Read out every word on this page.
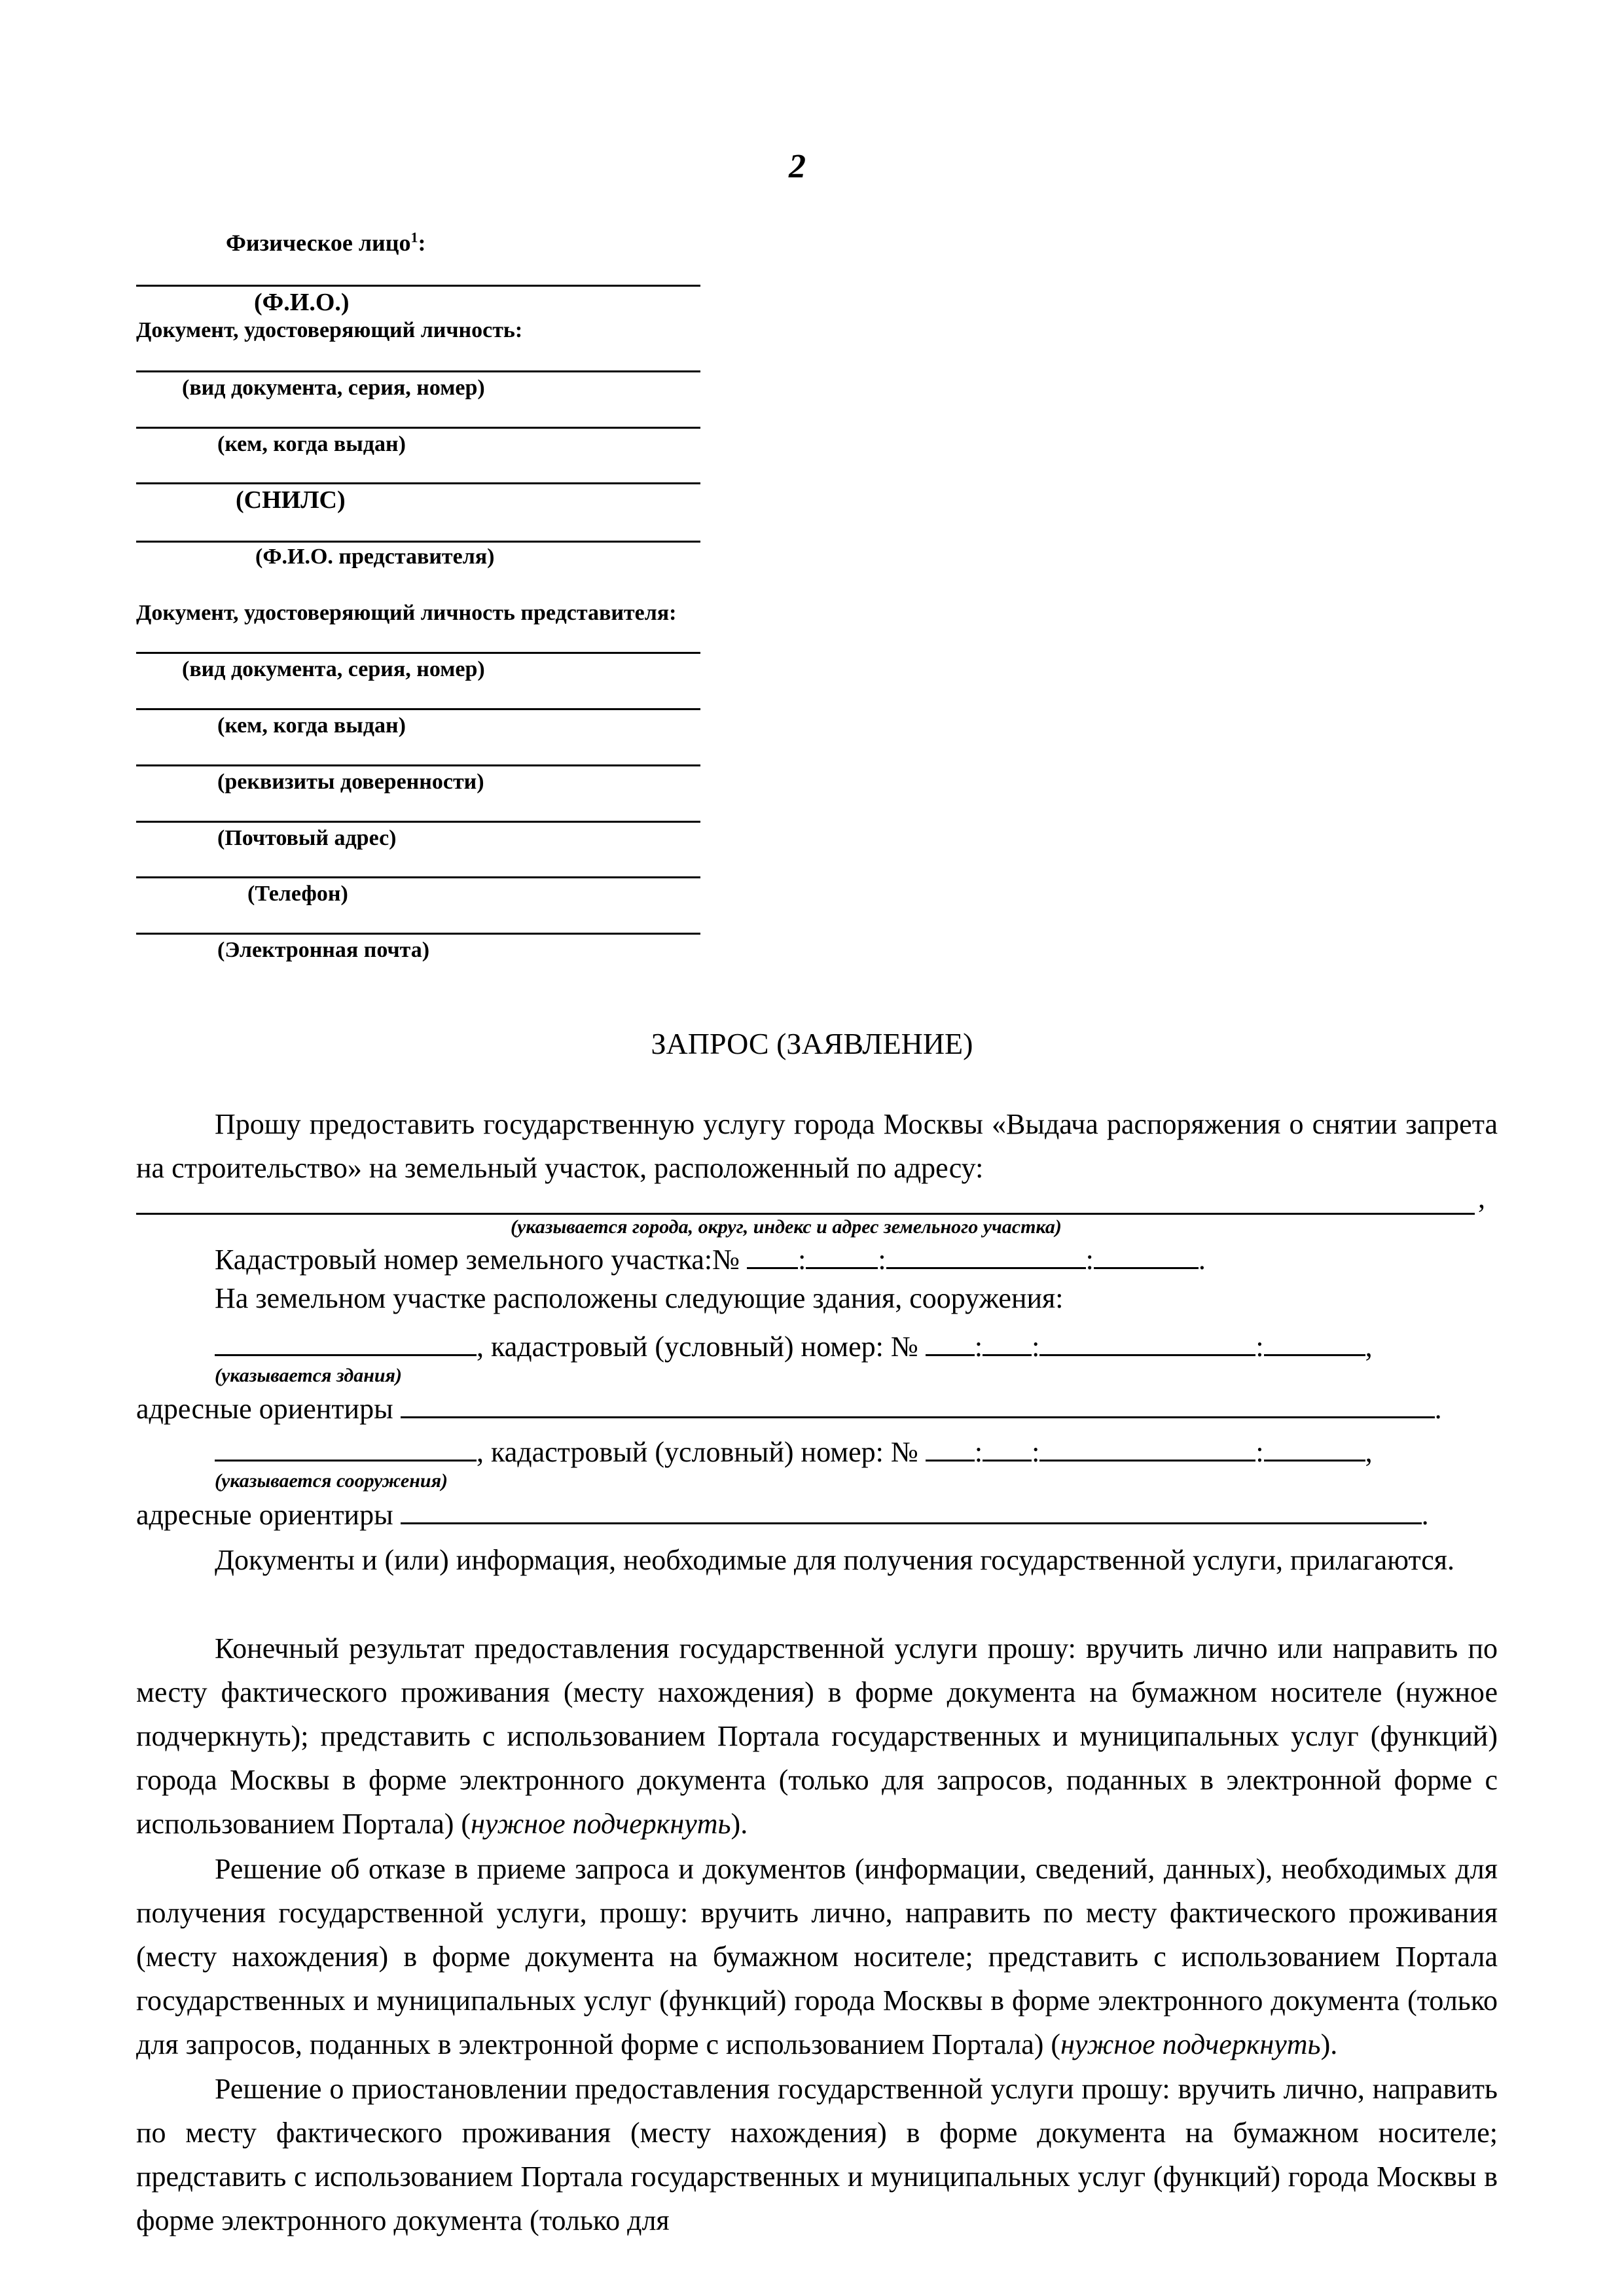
2
Физическое лицо$^1$:
(Ф.И.О.)
Документ, удостоверяющий личность:
(вид документа, серия, номер)
(кем, когда выдан)
(СНИЛС)
(Ф.И.О. представителя)
Документ, удостоверяющий личность представителя:
(вид документа, серия, номер)
(кем, когда выдан)
(реквизиты доверенности)
(Почтовый адрес)
(Телефон)
(Электронная почта)
ЗАПРОС (ЗАЯВЛЕНИЕ)
Прошу предоставить государственную услугу города Москвы «Выдача распоряжения о снятии запрета на строительство» на земельный участок, расположенный по адресу:
,
(указывается города, округ, индекс и адрес земельного участка)
Кадастровый номер земельного участка:№ :	:	:	.
На земельном участке расположены следующие здания, сооружения:
, кадастровый (условный) номер: № : :	:	,
(указывается здания)
адресные ориентиры	.
, кадастровый (условный) номер: № : :	:	,
(указывается сооружения)
адресные ориентиры	.
Документы и (или) информация, необходимые для получения государственной услуги, прилагаются.
Конечный результат предоставления государственной услуги прошу: вручить лично или направить по месту фактического проживания (месту нахождения) в форме документа на бумажном носителе (нужное подчеркнуть); представить с использованием Портала государственных и муниципальных услуг (функций) города Москвы в форме электронного документа (только для запросов, поданных в электронной форме с использованием Портала) (нужное подчеркнуть).
Решение об отказе в приеме запроса и документов (информации, сведений, данных), необходимых для получения государственной услуги, прошу: вручить лично, направить по месту фактического проживания (месту нахождения) в форме документа на бумажном носителе; представить с использованием Портала государственных и муниципальных услуг (функций) города Москвы в форме электронного документа (только для запросов, поданных в электронной форме с использованием Портала) (нужное подчеркнуть).
Решение о приостановлении предоставления государственной услуги прошу: вручить лично, направить по месту фактического проживания (месту нахождения) в форме документа на бумажном носителе; представить с использованием Портала государственных и муниципальных услуг (функций) города Москвы в форме электронного документа (только для
